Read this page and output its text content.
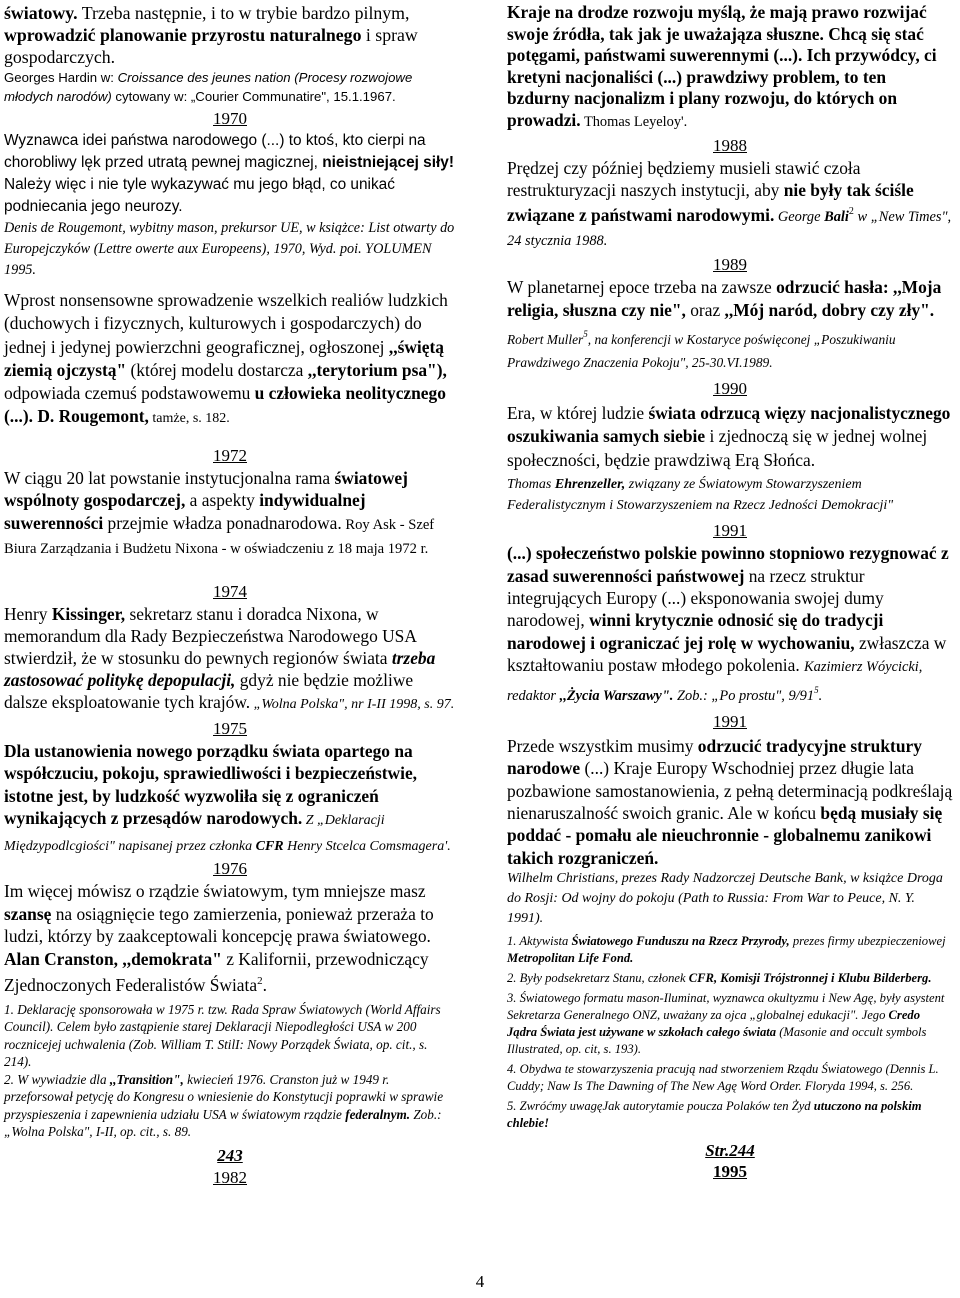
światowy. Trzeba następnie, i to w trybie bardzo pilnym, wprowadzić planowanie przyrostu naturalnego i spraw gospodarczych.

Georges Hardin w: Croissance des jeunes nation (Procesy rozwojowe młodych narodów) cytowany w: „Courier Communatire", 15.1.1967.

1970

Wyznawca idei państwa narodowego (...) to ktoś, kto cierpi na chorobliwy lęk przed utratą pewnej magicznej, nieistniejącej siły! Należy więc i nie tyle wykazywać mu jego błąd, co unikać podniecania jego neurozy.

Denis de Rougemont, wybitny mason, prekursor UE, w książce: List otwarty do Europejczyków (Lettre owerte aux Europeens), 1970, Wyd. poi. YOLUMEN 1995.

Wprost nonsensowne sprowadzenie wszelkich realiów ludzkich (duchowych i fizycznych, kulturowych i gospodarczych) do jednej i jedynej powierzchni geograficznej, ogłoszonej ,,świętą ziemią ojczystą" (której modelu dostarcza ,,terytorium psa"), odpowiada czemuś podstawowemu u człowieka neolitycznego (...). D. Rougemont, tamże, s. 182.

1972

W ciągu 20 lat powstanie instytucjonalna rama światowej wspólnoty gospodarczej, a aspekty indywidualnej suwerenności przejmie władza ponadnarodowa. Roy Ask - Szef Biura Zarządzania i Budżetu Nixona - w oświadczeniu z 18 maja 1972 r.

1974

Henry Kissinger, sekretarz stanu i doradca Nixona, w memorandum dla Rady Bezpieczeństwa Narodowego USA stwierdził, że w stosunku do pewnych regionów świata trzeba zastosować politykę depopulacji, gdyż nie będzie możliwe dalsze eksploatowanie tych krajów. „Wolna Polska", nr I-II 1998, s. 97.

1975

Dla ustanowienia nowego porządku świata opartego na współczuciu, pokoju, sprawiedliwości i bezpieczeństwie, istotne jest, by ludzkość wyzwoliła się z ograniczeń wynikających z przesądów narodowych. Z „Deklaracji Międzypodlcgiości" napisanej przez członka CFR Henry Stcelca Comsmagera'.

1976

Im więcej mówisz o rządzie światowym, tym mniejsze masz szansę na osiągnięcie tego zamierzenia, ponieważ przeraża to ludzi, którzy by zaakceptowali koncepcję prawa światowego. Alan Cranston, ,,demokrata" z Kalifornii, przewodniczący Zjednoczonych Federalistów Świata$^2$.

1. Deklarację sponsorowała w 1975 r. tzw. Rada Spraw Światowych (World Affairs Council). Celem było zastąpienie starej Deklaracji Niepodległości USA w 200 rocznicejej uchwalenia (Zob. William T. StilI: Nowy Porządek Świata, op. cit., s. 214).

2. W wywiadzie dla ,,Transition", kwiecień 1976. Cranston już w 1949 r. przeforsował petycję do Kongresu o wniesienie do Konstytucji poprawki w sprawie przyspieszenia i zapewnienia udziału USA w światowym rządzie federalnym. Zob.: „Wolna Polska", I-II, op. cit., s. 89.

243

1982

Kraje na drodze rozwoju myślą, że mają prawo rozwijać swoje źródła, tak jak je uważająza słuszne. Chcą się stać potęgami, państwami suwerennymi (...). Ich przywódcy, ci kretyni nacjonaliści (...) prawdziwy problem, to ten bzdurny nacjonalizm i plany rozwoju, do których on prowadzi. Thomas Leyeloy'.

1988

Prędzej czy później będziemy musieli stawić czoła restrukturyzacji naszych instytucji, aby nie były tak ściśle związane z państwami narodowymi. George Bali$^2$ w „New Times", 24 stycznia 1988.

1989

W planetarnej epoce trzeba na zawsze odrzucić hasła: ,,Moja religia, słuszna czy nie", oraz ,,Mój naród, dobry czy zły". Robert Muller$^5$, na konferencji w Kostaryce poświęconej „Poszukiwaniu Prawdziwego Znaczenia Pokoju", 25-30.VI.1989.

1990

Era, w której ludzie świata odrzucą więzy nacjonalistycznego oszukiwania samych siebie i zjednoczą się w jednej wolnej społeczności, będzie prawdziwą Erą Słońca.

Thomas Ehrenzeller, związany ze Światowym Stowarzyszeniem Federalistycznym i Stowarzyszeniem na Rzecz Jedności Demokracji"

1991

(...) społeczeństwo polskie powinno stopniowo rezygnować z zasad suwerenności państwowej na rzecz struktur integrujących Europy (...) eksponowania swojej dumy narodowej, winni krytycznie odnosić się do tradycji narodowej i ograniczać jej rolę w wychowaniu, zwłaszcza w kształtowaniu postaw młodego pokolenia. Kazimierz Wóycicki, redaktor ,,Życia Warszawy". Zob.: „Po prostu", $9/91^5$.

1991

Przede wszystkim musimy odrzucić tradycyjne struktury narodowe (...) Kraje Europy Wschodniej przez długie lata pozbawione samostanowienia, z pełną determinacją podkreślają nienaruszalność swoich granic. Ale w końcu będą musiały się poddać - pomału ale nieuchronnie - globalnemu zanikowi takich rozgraniczeń.

Wilhelm Christians, prezes Rady Nadzorczej Deutsche Bank, w książce Droga do Rosji: Od wojny do pokoju (Path to Russia: From War to Peuce, N. Y. 1991).

1. Aktywista Światowego Funduszu na Rzecz Przyrody, prezes firmy ubezpieczeniowej Metropolitan Life Fond.

2. Były podsekretarz Stanu, członek CFR, Komisji Trójstronnej i Klubu Bilderberg.

3. Światowego formatu mason-Iluminat, wyznawca okultyzmu i New Agę, były asystent Sekretarza Generalnego ONZ, uważany za ojca „globalnej edukacji". Jego Credo Jądra Świata jest używane w szkołach całego świata (Masonie and occult symbols Illustrated, op. cit, s. 193).

4. Obydwa te stowarzyszenia pracują nad stworzeniem Rządu Światowego (Dennis L. Cuddy; Naw Is The Dawning of The New Agę Word Order. Floryda 1994, s. 256.

5. Zwróćmy uwagęJak autorytamie poucza Polaków ten Żyd utuczono na polskim chlebie!

Str.244

1995

4
